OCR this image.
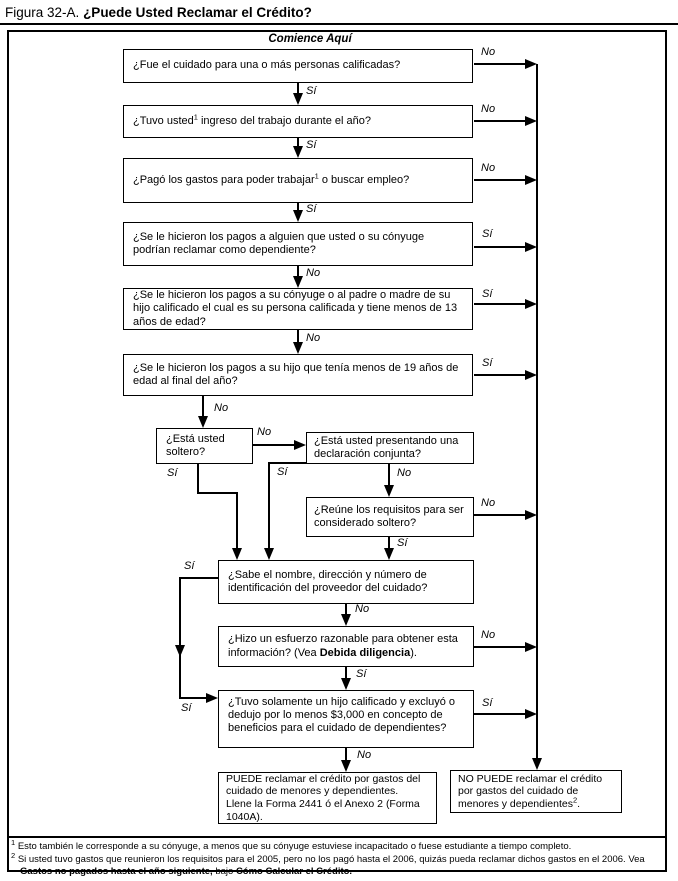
Figura 32-A. ¿Puede Usted Reclamar el Crédito?
Comience Aquí
¿Fue el cuidado para una o más personas calificadas?
¿Tuvo usted$^1$ ingreso del trabajo durante el año?
¿Pagó los gastos para poder trabajar$^1$ o buscar empleo?
¿Se le hicieron los pagos a alguien que usted o su cónyuge podrían reclamar como dependiente?
¿Se le hicieron los pagos a su cónyuge o al padre o madre de su hijo calificado el cual es su persona calificada y tiene menos de 13 años de edad?
¿Se le hicieron los pagos a su hijo que tenía menos de 19 años de edad al final del año?
¿Está usted soltero?
¿Está usted presentando una declaración conjunta?
¿Reúne los requisitos para ser considerado soltero?
¿Sabe el nombre, dirección y número de identificación del proveedor del cuidado?
¿Hizo un esfuerzo razonable para obtener esta información? (Vea Debida diligencia).
¿Tuvo solamente un hijo calificado y excluyó o dedujo por lo menos $3,000 en concepto de beneficios para el cuidado de dependientes?

PUEDE reclamar el crédito por gastos del cuidado de menores y dependientes.

Llene la Forma 2441 ó el Anexo 2 (Forma 1040A).

NO PUEDE reclamar el crédito por gastos del cuidado de menores y dependientes$^2$.
No
No
No
Sí
Sí
Sí
No
No
Sí
Sí
Sí
Sí
No
No
No
No
Sí	Sí	No
Sí
No
Sí
Sí
Sí
No
$^1$ Esto también le corresponde a su cónyuge, a menos que su cónyuge estuviese incapacitado o fuese estudiante a tiempo completo.
$^2$ Si usted tuvo gastos que reunieron los requisitos para el 2005, pero no los pagó hasta el 2006, quizás pueda reclamar dichos gastos en el 2006. Vea Gastos no pagados hasta el año siguiente, bajo Cómo Calcular el Crédito.
